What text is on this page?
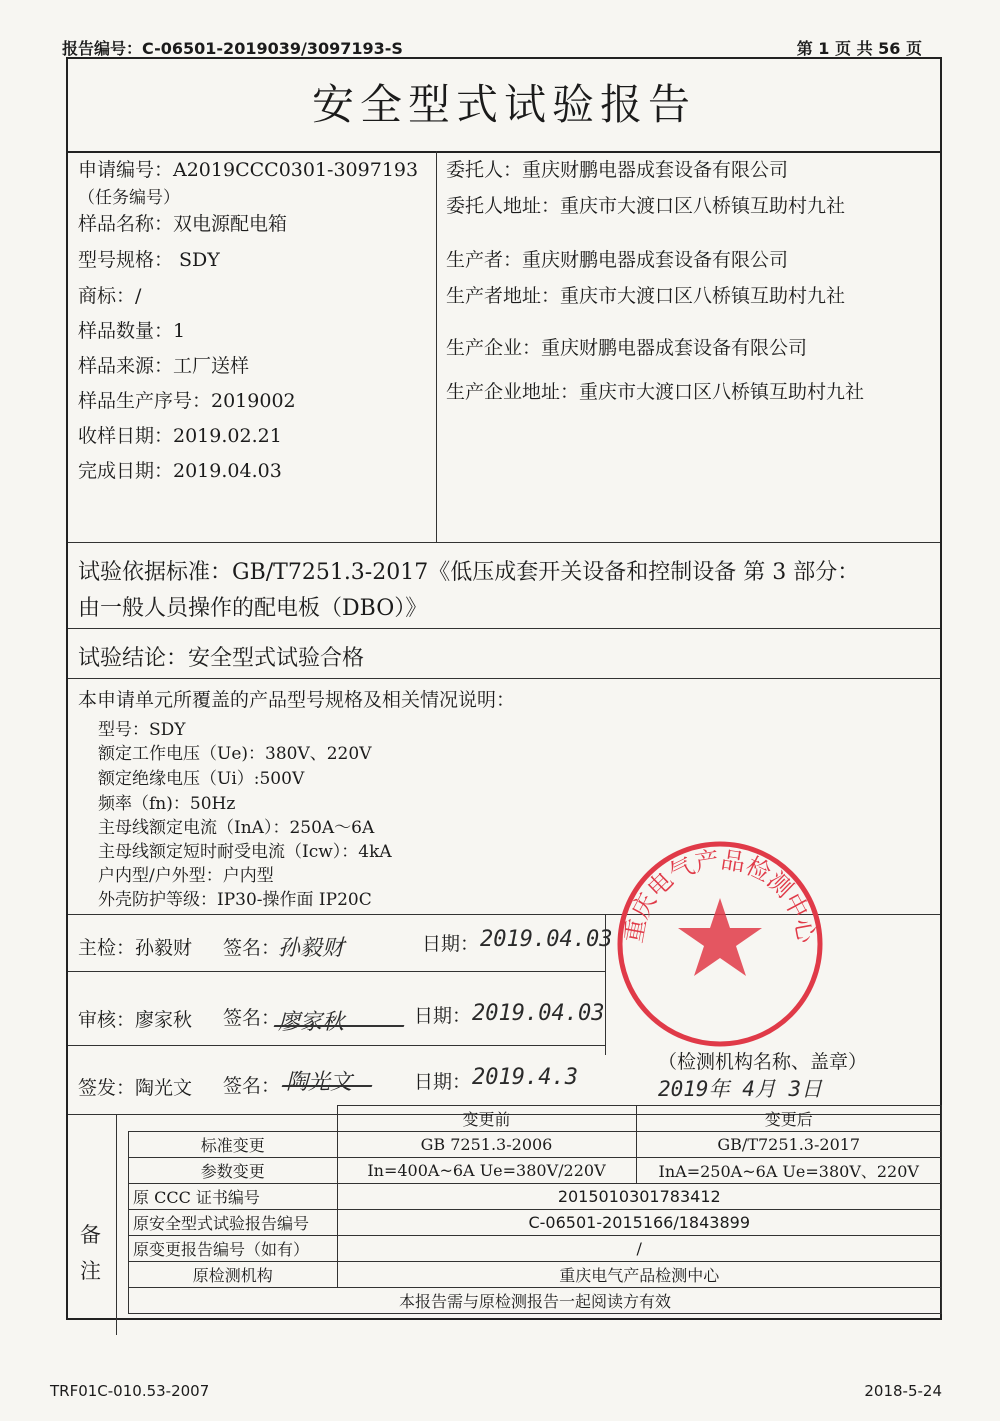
报告编号：C-06501-2019039/3097193-S	第 1 页 共 56 页
安全型式试验报告
申请编号：A2019CCC0301-3097193
（任务编号）
样品名称：双电源配电箱
型号规格： SDY
商标：/
样品数量：1
样品来源：工厂送样
样品生产序号：2019002
收样日期：2019.02.21
完成日期：2019.04.03
委托人：重庆财鹏电器成套设备有限公司
委托人地址：重庆市大渡口区八桥镇互助村九社
生产者：重庆财鹏电器成套设备有限公司
生产者地址：重庆市大渡口区八桥镇互助村九社
生产企业：重庆财鹏电器成套设备有限公司
生产企业地址：重庆市大渡口区八桥镇互助村九社
试验依据标准：GB/T7251.3-2017《低压成套开关设备和控制设备 第 3 部分：
由一般人员操作的配电板（DBO）》
试验结论：安全型式试验合格
本申请单元所覆盖的产品型号规格及相关情况说明：
型号：SDY
额定工作电压（Ue)：380V、220V
额定绝缘电压（Ui）:500V
频率（fn)：50Hz
主母线额定电流（InA）：250A～6A
主母线额定短时耐受电流（Icw）：4kA
户内型/户外型：户内型
外壳防护等级：IP30-操作面 IP20C
主检：孙毅财 签名：
孙毅财	日期： 2019.04.03
审核：廖家秋 签名：
廖家秋	日期： 2019.04.03
签发：陶光文 签名： 陶光文	日期： 2019.4.3
（检测机构名称、盖章）
2019年 4月 3日
备
注
	变更前	变更后
标准变更	GB 7251.3-2006	GB/T7251.3-2017
参数变更	In=400A~6A Ue=380V/220V	InA=250A~6A Ue=380V、220V
原 CCC 证书编号	2015010301783412	
原安全型式试验报告编号	C-06501-2015166/1843899	
原变更报告编号（如有）	/	
原检测机构	重庆电气产品检测中心	
本报告需与原检测报告一起阅读方有效		
重庆电气产品检测中心
TRF01C-010.53-2007	2018-5-24
